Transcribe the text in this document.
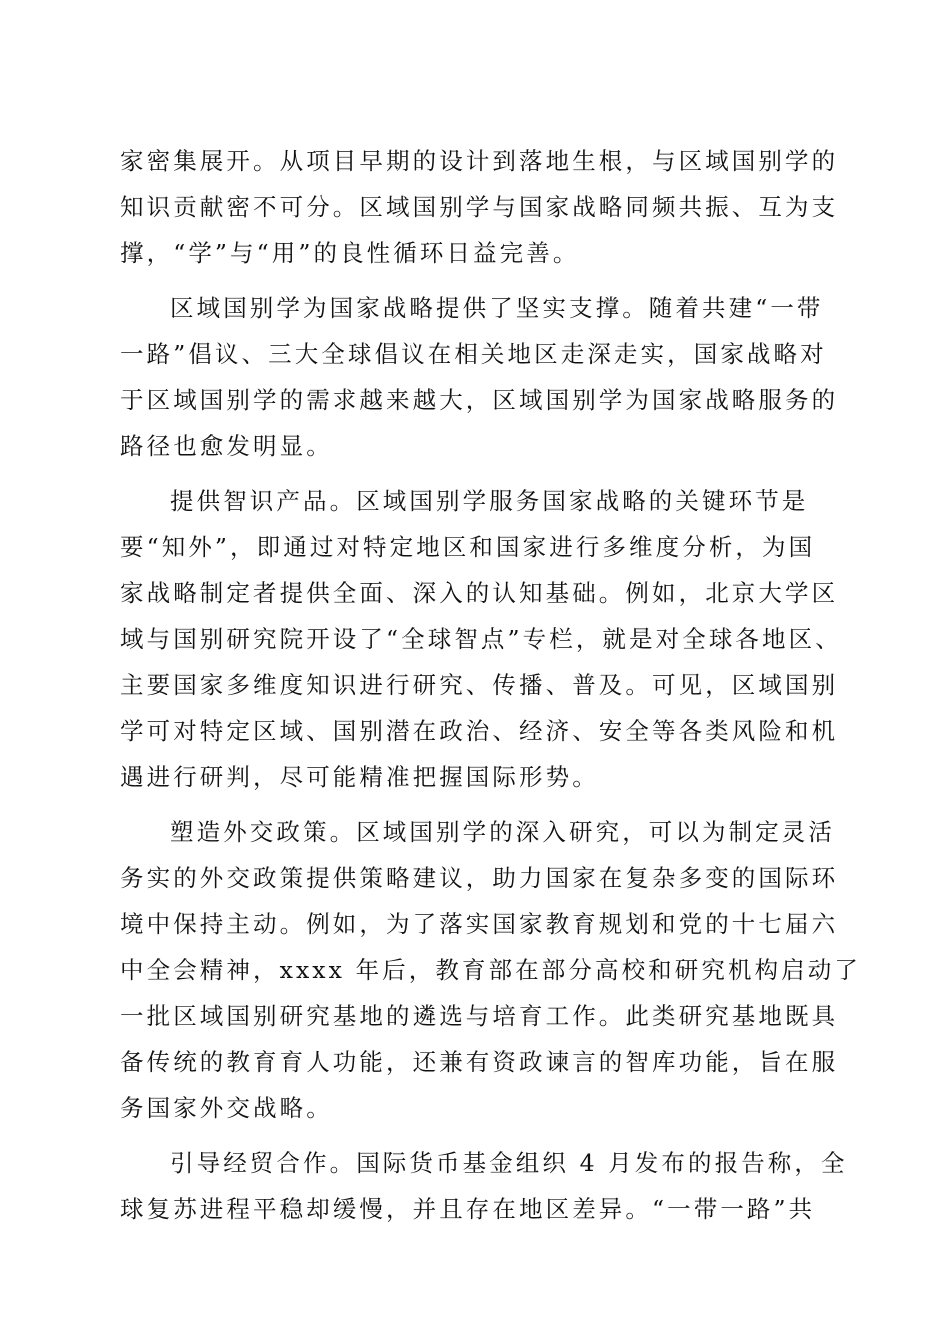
家密集展开。从项目早期的设计到落地生根，与区域国别学的
知识贡献密不可分。区域国别学与国家战略同频共振、互为支
撑，“学”与“用”的良性循环日益完善。
区域国别学为国家战略提供了坚实支撑。随着共建“一带
一路”倡议、三大全球倡议在相关地区走深走实，国家战略对
于区域国别学的需求越来越大，区域国别学为国家战略服务的
路径也愈发明显。
提供智识产品。区域国别学服务国家战略的关键环节是
要“知外”，即通过对特定地区和国家进行多维度分析，为国
家战略制定者提供全面、深入的认知基础。例如，北京大学区
域与国别研究院开设了“全球智点”专栏，就是对全球各地区、
主要国家多维度知识进行研究、传播、普及。可见，区域国别
学可对特定区域、国别潜在政治、经济、安全等各类风险和机
遇进行研判，尽可能精准把握国际形势。
塑造外交政策。区域国别学的深入研究，可以为制定灵活
务实的外交政策提供策略建议，助力国家在复杂多变的国际环
境中保持主动。例如，为了落实国家教育规划和党的十七届六
中全会精神，xxxx 年后，教育部在部分高校和研究机构启动了
一批区域国别研究基地的遴选与培育工作。此类研究基地既具
备传统的教育育人功能，还兼有资政谏言的智库功能，旨在服
务国家外交战略。
引导经贸合作。国际货币基金组织 4 月发布的报告称，全
球复苏进程平稳却缓慢，并且存在地区差异。“一带一路”共
